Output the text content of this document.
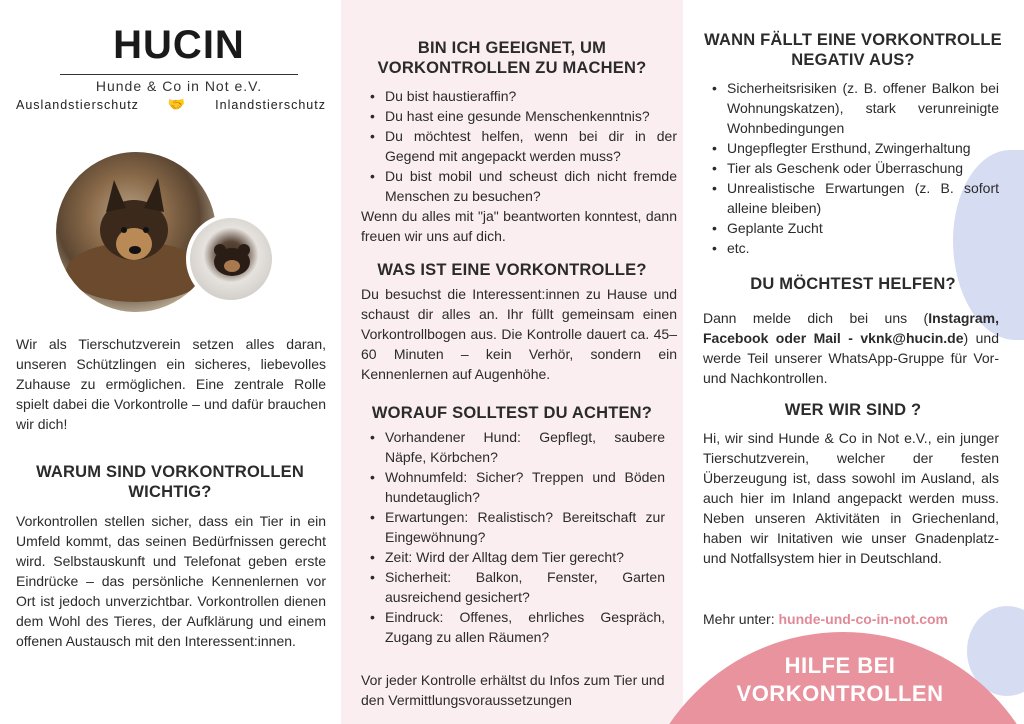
HUCIN
Hunde & Co in Not e.V.
Auslandstierschutz 🤝 Inlandstierschutz

Wir als Tierschutzverein setzen alles daran, unseren Schützlingen ein sicheres, liebevolles Zuhause zu ermöglichen. Eine zentrale Rolle spielt dabei die Vorkontrolle – und dafür brauchen wir dich!

WARUM SIND VORKONTROLLEN WICHTIG?

Vorkontrollen stellen sicher, dass ein Tier in ein Umfeld kommt, das seinen Bedürfnissen gerecht wird. Selbstauskunft und Telefonat geben erste Eindrücke – das persönliche Kennenlernen vor Ort ist jedoch unverzichtbar. Vorkontrollen dienen dem Wohl des Tieres, der Aufklärung und einem offenen Austausch mit den Interessent:innen.

BIN ICH GEEIGNET, UM VORKONTROLLEN ZU MACHEN?
• Du bist haustieraffin?
• Du hast eine gesunde Menschenkenntnis?
• Du möchtest helfen, wenn bei dir in der Gegend mit angepackt werden muss?
• Du bist mobil und scheust dich nicht fremde Menschen zu besuchen?

Wenn du alles mit "ja" beantworten konntest, dann freuen wir uns auf dich.

WAS IST EINE VORKONTROLLE?

Du besuchst die Interessent:innen zu Hause und schaust dir alles an. Ihr füllt gemeinsam einen Vorkontrollbogen aus. Die Kontrolle dauert ca. 45–60 Minuten – kein Verhör, sondern ein Kennenlernen auf Augenhöhe.

WORAUF SOLLTEST DU ACHTEN?
• Vorhandener Hund: Gepflegt, saubere Näpfe, Körbchen?
• Wohnumfeld: Sicher? Treppen und Böden hundetauglich?
• Erwartungen: Realistisch? Bereitschaft zur Eingewöhnung?
• Zeit: Wird der Alltag dem Tier gerecht?
• Sicherheit: Balkon, Fenster, Garten ausreichend gesichert?
• Eindruck: Offenes, ehrliches Gespräch, Zugang zu allen Räumen?

Vor jeder Kontrolle erhältst du Infos zum Tier und den Vermittlungsvoraussetzungen

WANN FÄLLT EINE VORKONTROLLE NEGATIV AUS?
• Sicherheitsrisiken (z. B. offener Balkon bei Wohnungskatzen), stark verunreinigte Wohnbedingungen
• Ungepflegter Ersthund, Zwingerhaltung
• Tier als Geschenk oder Überraschung
• Unrealistische Erwartungen (z. B. sofort alleine bleiben)
• Geplante Zucht
• etc.
DU MÖCHTEST HELFEN?

Dann melde dich bei uns (Instagram, Facebook oder Mail - vknk@hucin.de) und werde Teil unserer WhatsApp-Gruppe für Vor- und Nachkontrollen.

WER WIR SIND ?

Hi, wir sind Hunde & Co in Not e.V., ein junger Tierschutzverein, welcher der festen Überzeugung ist, dass sowohl im Ausland, als auch hier im Inland angepackt werden muss. Neben unseren Aktivitäten in Griechenland, haben wir Initativen wie unser Gnadenplatz- und Notfallsystem hier in Deutschland.

Mehr unter: hunde-und-co-in-not.com

HILFE BEI
VORKONTROLLEN
